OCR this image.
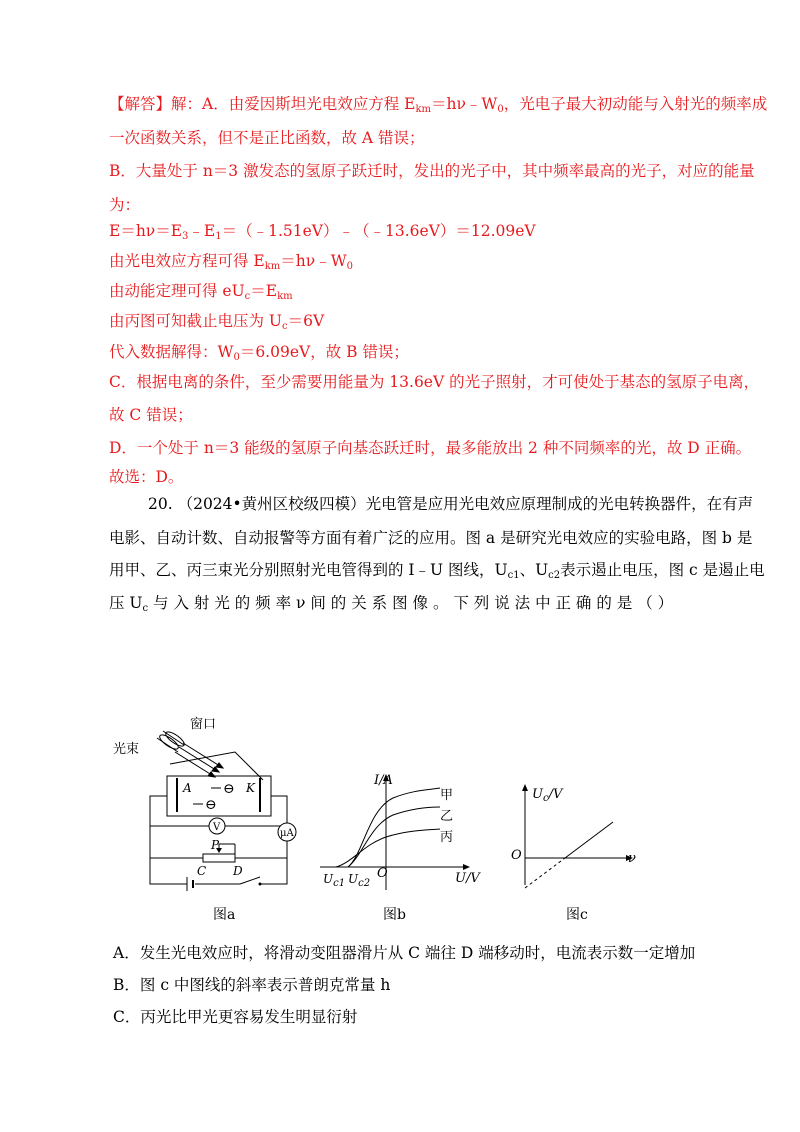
【解答】解：A．由爱因斯坦光电效应方程 $E_{km}=h\nu﹣W_0$，光电子最大初动能与入射光的频率成
一次函数关系，但不是正比函数，故 A 错误；
B．大量处于 n＝3 激发态的氢原子跃迁时，发出的光子中，其中频率最高的光子，对应的能量
为：
$E=h\nu=E_3﹣E_1=(﹣1.51eV)﹣(﹣13.6eV)=12.09eV$
由光电效应方程可得 $E_{km}=h\nu﹣W_0$
由动能定理可得 $eU_c=E_{km}$
由丙图可知截止电压为 $U_c=6V$
代入数据解得：$W_0=6.09eV$，故 B 错误；
C．根据电离的条件，至少需要用能量为 13.6eV 的光子照射，才可使处于基态的氢原子电离，
故 C 错误；
D．一个处于 n＝3 能级的氢原子向基态跃迁时，最多能放出 2 种不同频率的光，故 D 正确。
故选：D。
20. （2024•黄州区校级四模）光电管是应用光电效应原理制成的光电转换器件，在有声
电影、自动计数、自动报警等方面有着广泛的应用。图 a 是研究光电效应的实验电路，图 b 是
用甲、乙、丙三束光分别照射光电管得到的 I﹣U 图线，$U_{c1}$、$U_{c2}$表示遏止电压，图 c 是遏止电
压 $U_c$ 与 入 射 光 的 频 率 ν 间 的 关 系 图 像 。 下 列 说 法 中 正 确 的 是 （ ）
A	K
⊖
⊖
μA
V
P
C D
窗口
光束
图a
I/A
甲
乙
丙
O	U/V
$U_{c1}$ $U_{c2}$
图b
$U_c/V$
O	ν
图c
A．发生光电效应时，将滑动变阻器滑片从 C 端往 D 端移动时，电流表示数一定增加
B．图 c 中图线的斜率表示普朗克常量 h
C．丙光比甲光更容易发生明显衍射
